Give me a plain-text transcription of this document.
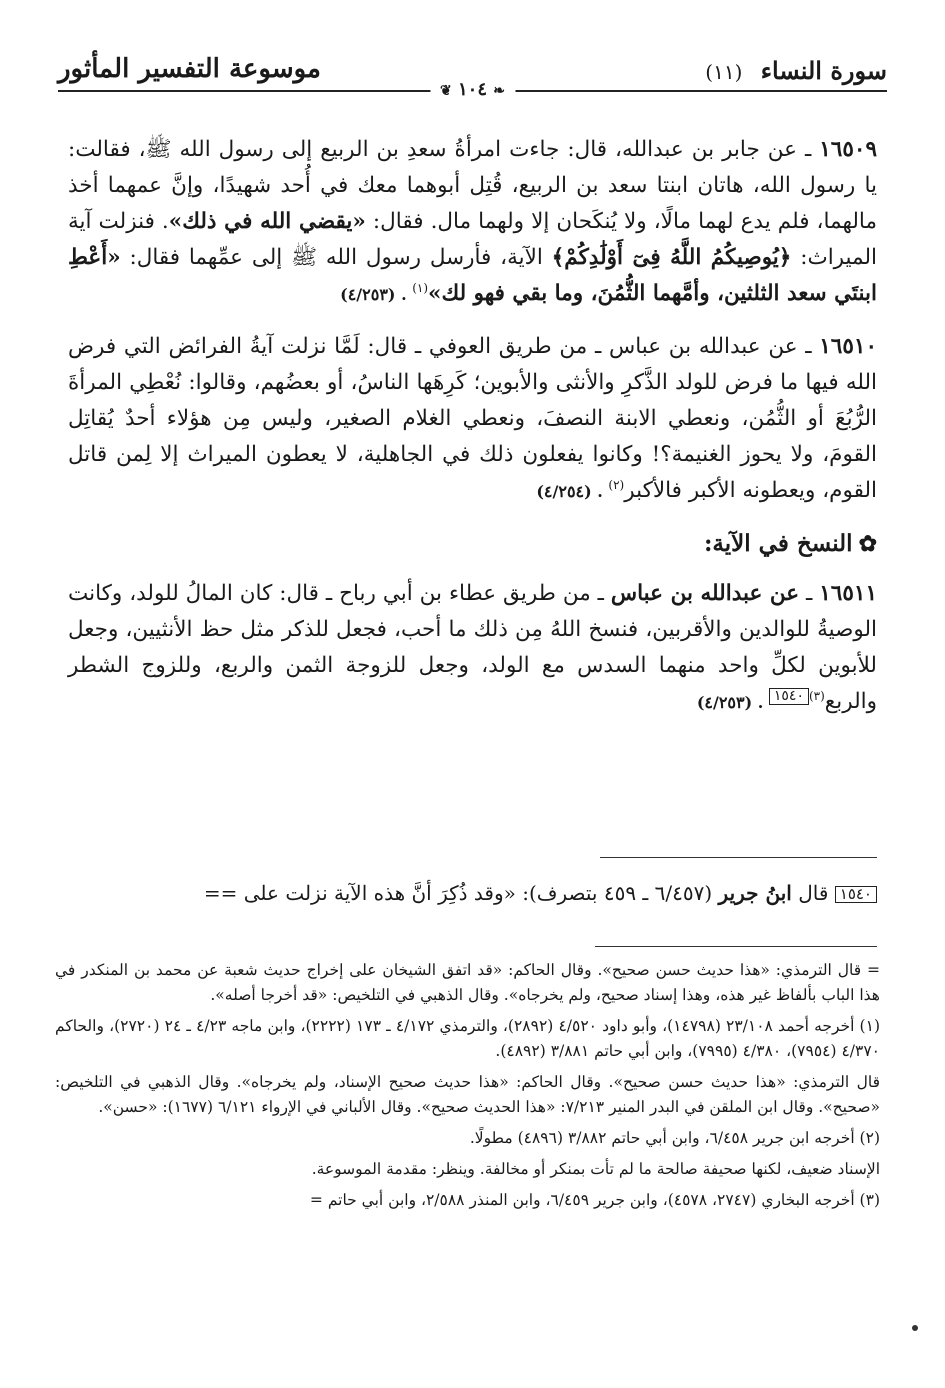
موسوعة التفسير المأثور	(١١) سورة النساء
❦ ١٠٤ ❧

١٦٥٠٩ ـ عن جابر بن عبدالله، قال: جاءت امرأةُ سعدِ بن الربيع إلى رسول الله ﷺ، فقالت: يا رسول الله، هاتان ابنتا سعد بن الربيع، قُتِل أبوهما معك في أُحد شهيدًا، وإنَّ عمهما أخذ مالهما، فلم يدع لهما مالًا، ولا يُنكَحان إلا ولهما مال. فقال: «يقضي الله في ذلك». فنزلت آية الميراث: ﴿يُوصِيكُمُ اللَّهُ فِىٓ أَوْلَٰدِكُمْ﴾ الآية، فأرسل رسول الله ﷺ إلى عمِّهما فقال: «أَعْطِ ابنتَي سعد الثلثين، وأمَّهما الثُّمُنَ، وما بقي فهو لك»$^{(١)}$ . (٤/٢٥٣)

١٦٥١٠ ـ عن عبدالله بن عباس ـ من طريق العوفي ـ قال: لَمَّا نزلت آيةُ الفرائض التي فرض الله فيها ما فرض للولد الذَّكرِ والأنثى والأبوين؛ كَرِهَها الناسُ، أو بعضُهم، وقالوا: نُعْطِي المرأةَ الرُّبُعَ أو الثُّمُن، ونعطي الابنة النصفَ، ونعطي الغلام الصغير، وليس مِن هؤلاء أحدٌ يُقاتِل القومَ، ولا يحوز الغنيمة؟! وكانوا يفعلون ذلك في الجاهلية، لا يعطون الميراث إلا لِمن قاتل القوم، ويعطونه الأكبر فالأكبر$^{(٢)}$ . (٤/٢٥٤)

✿النسخ في الآية:

١٦٥١١ ـ عن عبدالله بن عباس ـ من طريق عطاء بن أبي رباح ـ قال: كان المالُ للولد، وكانت الوصيةُ للوالدين والأقربين، فنسخ اللهُ مِن ذلك ما أحب، فجعل للذكر مثل حظ الأنثيين، وجعل للأبوين لكلِّ واحد منهما السدس مع الولد، وجعل للزوجة الثمن والربع، وللزوج الشطر والربع$^{(٣)}$١٥٤٠ . (٤/٢٥٣)

١٥٤٠ قال ابنُ جرير (٦/٤٥٧ ـ ٤٥٩ بتصرف): «وقد ذُكِرَ أنَّ هذه الآية نزلت على ==

= قال الترمذي: «هذا حديث حسن صحيح». وقال الحاكم: «قد اتفق الشيخان على إخراج حديث شعبة عن محمد بن المنكدر في هذا الباب بألفاظ غير هذه، وهذا إسناد صحيح، ولم يخرجاه». وقال الذهبي في التلخيص: «قد أخرجا أصله».

(١) أخرجه أحمد ٢٣/١٠٨ (١٤٧٩٨)، وأبو داود ٤/٥٢٠ (٢٨٩٢)، والترمذي ٤/١٧٢ ـ ١٧٣ (٢٢٢٢)، وابن ماجه ٤/٢٣ ـ ٢٤ (٢٧٢٠)، والحاكم ٤/٣٧٠ (٧٩٥٤)، ٤/٣٨٠ (٧٩٩٥)، وابن أبي حاتم ٣/٨٨١ (٤٨٩٢).

قال الترمذي: «هذا حديث حسن صحيح». وقال الحاكم: «هذا حديث صحيح الإسناد، ولم يخرجاه». وقال الذهبي في التلخيص: «صحيح». وقال ابن الملقن في البدر المنير ٧/٢١٣: «هذا الحديث صحيح». وقال الألباني في الإرواء ٦/١٢١ (١٦٧٧): «حسن».

(٢) أخرجه ابن جرير ٦/٤٥٨، وابن أبي حاتم ٣/٨٨٢ (٤٨٩٦) مطولًا.

الإسناد ضعيف، لكنها صحيفة صالحة ما لم تأت بمنكر أو مخالفة. وينظر: مقدمة الموسوعة.

(٣) أخرجه البخاري (٢٧٤٧، ٤٥٧٨)، وابن جرير ٦/٤٥٩، وابن المنذر ٢/٥٨٨، وابن أبي حاتم =
